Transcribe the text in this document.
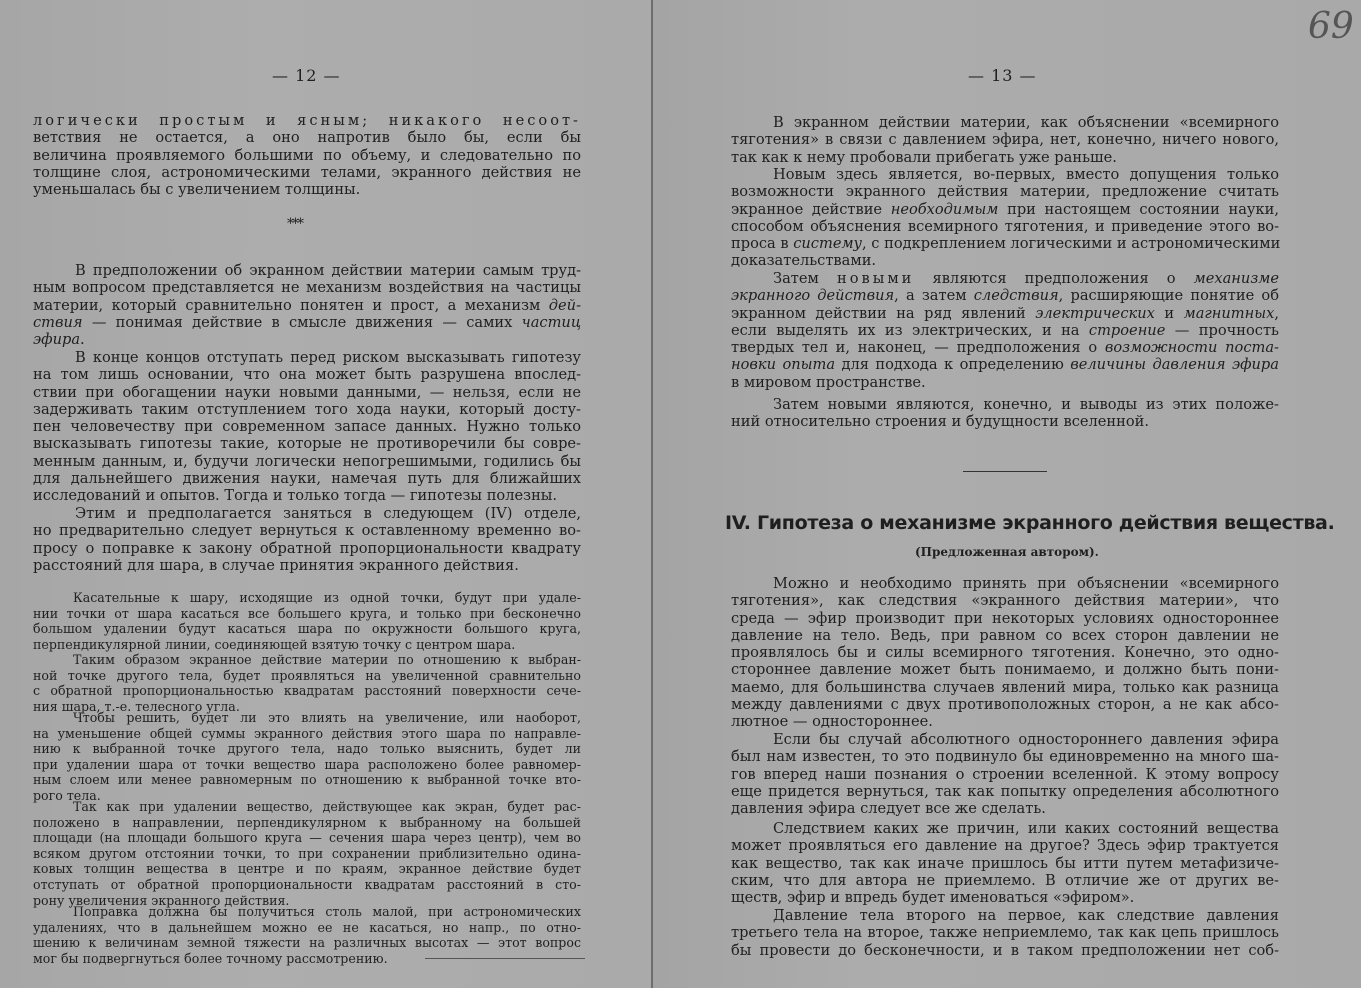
— 12 —
логически простым и ясным; никакого несоот-
ветствия не остается, а оно напротив было бы, если бы
величина проявляемого большими по объему, и следовательно по
толщине слоя, астрономическими телами, экранного действия не
уменьшалась бы с увеличением толщины.
***
В предположении об экранном действии материи самым труд-
ным вопросом представляется не механизм воздействия на частицы
материи, который сравнительно понятен и прост, а механизм дей-
ствия — понимая действие в смысле движения — самих частиц
эфира.
В конце концов отступать перед риском высказывать гипотезу
на том лишь основании, что она может быть разрушена впослед-
ствии при обогащении науки новыми данными, — нельзя, если не
задерживать таким отступлением того хода науки, который досту-
пен человечеству при современном запасе данных. Нужно только
высказывать гипотезы такие, которые не противоречили бы совре-
менным данным, и, будучи логически непогрешимыми, годились бы
для дальнейшего движения науки, намечая путь для ближайших
исследований и опытов. Тогда и только тогда — гипотезы полезны.
Этим и предполагается заняться в следующем (IV) отделе,
но предварительно следует вернуться к оставленному временно во-
просу о поправке к закону обратной пропорциональности квадрату
расстояний для шара, в случае принятия экранного действия.
Касательные к шару, исходящие из одной точки, будут при удале-
нии точки от шара касаться все большего круга, и только при бесконечно
большом удалении будут касаться шара по окружности большого круга,
перпендикулярной линии, соединяющей взятую точку с центром шара.
Таким образом экранное действие материи по отношению к выбран-
ной точке другого тела, будет проявляться на увеличенной сравнительно
с обратной пропорциональностью квадратам расстояний поверхности сече-
ния шара, т.-е. телесного угла.
Чтобы решить, будет ли это влиять на увеличение, или наоборот,
на уменьшение общей суммы экранного действия этого шара по направле-
нию к выбранной точке другого тела, надо только выяснить, будет ли
при удалении шара от точки вещество шара расположено более равномер-
ным слоем или менее равномерным по отношению к выбранной точке вто-
рого тела.
Так как при удалении вещество, действующее как экран, будет рас-
положено в направлении, перпендикулярном к выбранному на большей
площади (на площади большого круга — сечения шара через центр), чем во
всяком другом отстоянии точки, то при сохранении приблизительно одина-
ковых толщин вещества в центре и по краям, экранное действие будет
отступать от обратной пропорциональности квадратам расстояний в сто-
рону увеличения экранного действия.
Поправка должна бы получиться столь малой, при астрономических
удалениях, что в дальнейшем можно ее не касаться, но напр., по отно-
шению к величинам земной тяжести на различных высотах — этот вопрос
мог бы подвергнуться более точному рассмотрению.
— 13 —
В экранном действии материи, как объяснении «всемирного
тяготения» в связи с давлением эфира, нет, конечно, ничего нового,
так как к нему пробовали прибегать уже раньше.
Новым здесь является, во-первых, вместо допущения только
возможности экранного действия материи, предложение считать
экранное действие необходимым при настоящем состоянии науки,
способом объяснения всемирного тяготения, и приведение этого во-
проса в систему, с подкреплением логическими и астрономическими
доказательствами.
Затем новыми являются предположения о механизме
экранного действия, а затем следствия, расширяющие понятие об
экранном действии на ряд явлений электрических и магнитных,
если выделять их из электрических, и на строение — прочность
твердых тел и, наконец, — предположения о возможности поста-
новки опыта для подхода к определению величины давления эфира
в мировом пространстве.
Затем новыми являются, конечно, и выводы из этих положе-
ний относительно строения и будущности вселенной.
IV. Гипотеза о механизме экранного действия вещества.
(Предложенная автором).
Можно и необходимо принять при объяснении «всемирного
тяготения», как следствия «экранного действия материи», что
среда — эфир производит при некоторых условиях одностороннее
давление на тело. Ведь, при равном со всех сторон давлении не
проявлялось бы и силы всемирного тяготения. Конечно, это одно-
стороннее давление может быть понимаемо, и должно быть пони-
маемо, для большинства случаев явлений мира, только как разница
между давлениями с двух противоположных сторон, а не как абсо-
лютное — одностороннее.
Если бы случай абсолютного одностороннего давления эфира
был нам известен, то это подвинуло бы единовременно на много ша-
гов вперед наши познания о строении вселенной. К этому вопросу
еще придется вернуться, так как попытку определения абсолютного
давления эфира следует все же сделать.
Следствием каких же причин, или каких состояний вещества
может проявляться его давление на другое? Здесь эфир трактуется
как вещество, так как иначе пришлось бы итти путем метафизиче-
ским, что для автора не приемлемо. В отличие же от других ве-
ществ, эфир и впредь будет именоваться «эфиром».
Давление тела второго на первое, как следствие давления
третьего тела на второе, также неприемлемо, так как цепь пришлось
бы провести до бесконечности, и в таком предположении нет соб-
69
